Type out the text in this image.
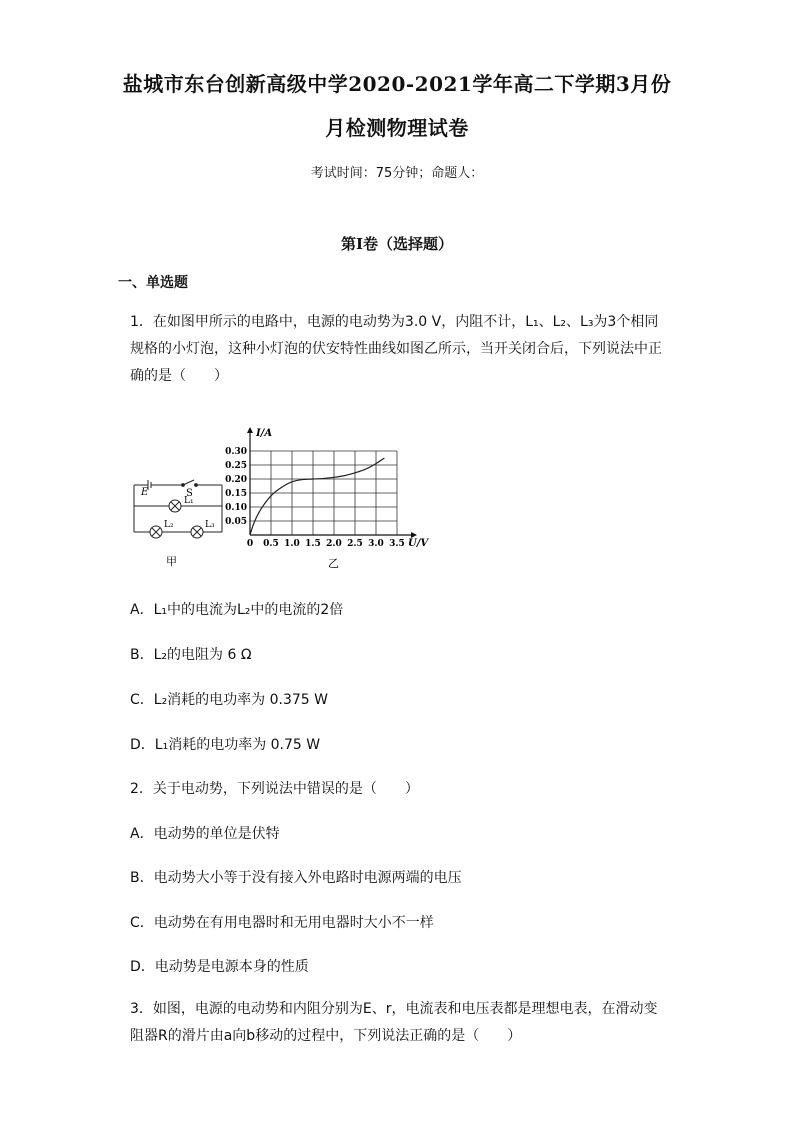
盐城市东台创新高级中学2020-2021学年高二下学期3月份
月检测物理试卷
考试时间：75分钟；命题人：
第I卷（选择题）
一、单选题
1．在如图甲所示的电路中，电源的电动势为3.0 V，内阻不计，L₁、L₂、L₃为3个相同规格的小灯泡，这种小灯泡的伏安特性曲线如图乙所示，当开关闭合后，下列说法中正确的是（　　）
E	S
L₁
L₂	L₃
甲
0 0.5 1.0 1.5 2.0 2.5 3.0 3.5
0.05
0.10
0.15
0.20
0.25
0.30
I/A
U/V
乙
A．L₁中的电流为L₂中的电流的2倍
B．L₂的电阻为 6 Ω
C．L₂消耗的电功率为 0.375 W
D．L₁消耗的电功率为 0.75 W
2．关于电动势，下列说法中错误的是（　　）
A．电动势的单位是伏特
B．电动势大小等于没有接入外电路时电源两端的电压
C．电动势在有用电器时和无用电器时大小不一样
D．电动势是电源本身的性质
3．如图，电源的电动势和内阻分别为E、r，电流表和电压表都是理想电表，在滑动变阻器R的滑片由a向b移动的过程中，下列说法正确的是（　　）
